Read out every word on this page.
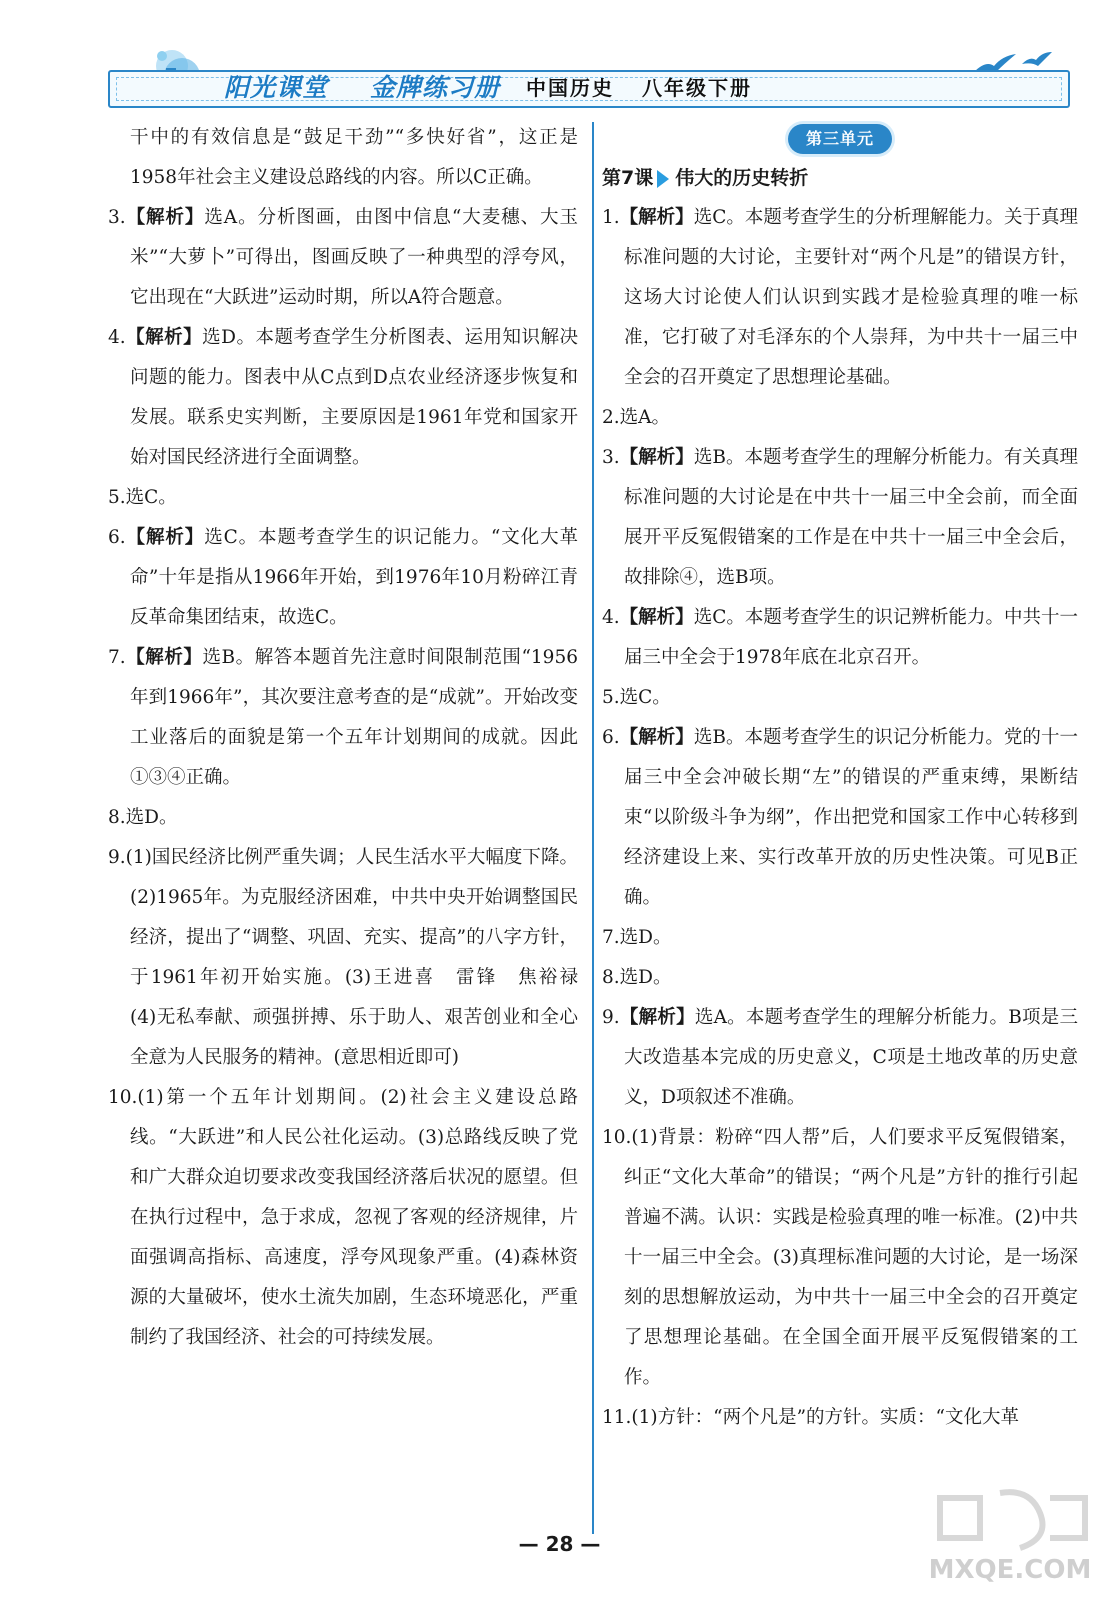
阳光课堂 金牌练习册 中国历史 八年级下册

干中的有效信息是“鼓足干劲”“多快好省”，这正是1958年社会主义建设总路线的内容。所以C正确。

3.【解析】选A。分析图画，由图中信息“大麦穗、大玉米”“大萝卜”可得出，图画反映了一种典型的浮夸风，它出现在“大跃进”运动时期，所以A符合题意。

4.【解析】选D。本题考查学生分析图表、运用知识解决问题的能力。图表中从C点到D点农业经济逐步恢复和发展。联系史实判断，主要原因是1961年党和国家开始对国民经济进行全面调整。

5.选C。

6.【解析】选C。本题考查学生的识记能力。“文化大革命”十年是指从1966年开始，到1976年10月粉碎江青反革命集团结束，故选C。

7.【解析】选B。解答本题首先注意时间限制范围“1956年到1966年”，其次要注意考查的是“成就”。开始改变工业落后的面貌是第一个五年计划期间的成就。因此①③④正确。

8.选D。

9.(1)国民经济比例严重失调；人民生活水平大幅度下降。(2)1965年。为克服经济困难，中共中央开始调整国民经济，提出了“调整、巩固、充实、提高”的八字方针，于1961年初开始实施。(3)王进喜　雷锋　焦裕禄　(4)无私奉献、顽强拼搏、乐于助人、艰苦创业和全心全意为人民服务的精神。(意思相近即可)

10.(1)第一个五年计划期间。(2)社会主义建设总路线。“大跃进”和人民公社化运动。(3)总路线反映了党和广大群众迫切要求改变我国经济落后状况的愿望。但在执行过程中，急于求成，忽视了客观的经济规律，片面强调高指标、高速度，浮夸风现象严重。(4)森林资源的大量破坏，使水土流失加剧，生态环境恶化，严重制约了我国经济、社会的可持续发展。

第三单元

第7课 伟大的历史转折

1.【解析】选C。本题考查学生的分析理解能力。关于真理标准问题的大讨论，主要针对“两个凡是”的错误方针，这场大讨论使人们认识到实践才是检验真理的唯一标准，它打破了对毛泽东的个人崇拜，为中共十一届三中全会的召开奠定了思想理论基础。

2.选A。

3.【解析】选B。本题考查学生的理解分析能力。有关真理标准问题的大讨论是在中共十一届三中全会前，而全面展开平反冤假错案的工作是在中共十一届三中全会后，故排除④，选B项。

4.【解析】选C。本题考查学生的识记辨析能力。中共十一届三中全会于1978年底在北京召开。

5.选C。

6.【解析】选B。本题考查学生的识记分析能力。党的十一届三中全会冲破长期“左”的错误的严重束缚，果断结束“以阶级斗争为纲”，作出把党和国家工作中心转移到经济建设上来、实行改革开放的历史性决策。可见B正确。

7.选D。

8.选D。

9.【解析】选A。本题考查学生的理解分析能力。B项是三大改造基本完成的历史意义，C项是土地改革的历史意义，D项叙述不准确。

10.(1)背景：粉碎“四人帮”后，人们要求平反冤假错案，纠正“文化大革命”的错误；“两个凡是”方针的推行引起普遍不满。认识：实践是检验真理的唯一标准。(2)中共十一届三中全会。(3)真理标准问题的大讨论，是一场深刻的思想解放运动，为中共十一届三中全会的召开奠定了思想理论基础。在全国全面开展平反冤假错案的工作。

11.(1)方针：“两个凡是”的方针。实质：“文化大革

— 28 —
MXQE.COM
